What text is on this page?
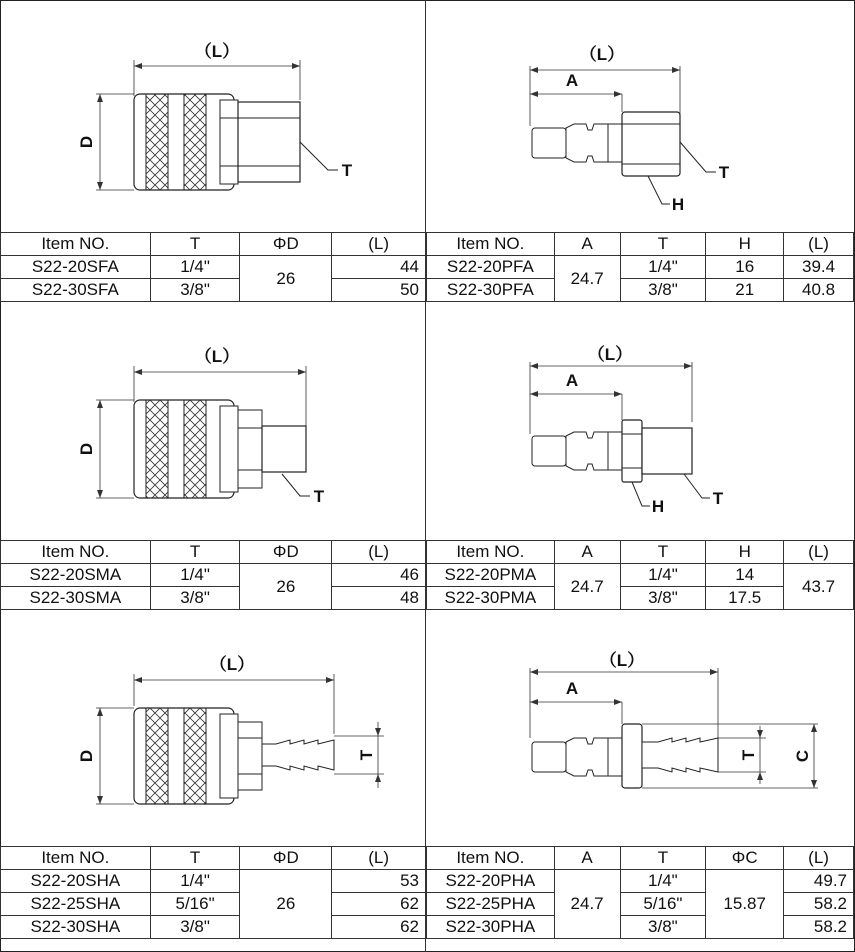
（L）
D
T
（L）
A
T
H
Item NO.	T	ΦD	(L)
S22-20SFA	1/4"	26	44
S22-30SFA	3/8"		50
Item NO.	A	T	H	(L)
S22-20PFA	24.7	1/4"	16	39.4
S22-30PFA		3/8"	21	40.8
（L）
D
T
（L）
A
T
H
Item NO.	T	ΦD	(L)
S22-20SMA	1/4"	26	46
S22-30SMA	3/8"		48
Item NO.	A	T	H	(L)
S22-20PMA	24.7	1/4"	14	43.7
S22-30PMA		3/8"	17.5	
（L）
D	T
（L）
A
T C
Item NO.	T	ΦD	(L)
S22-20SHA	1/4"	26	53
S22-25SHA	5/16"		62
S22-30SHA	3/8"		62
Item NO.	A	T	ΦC	(L)
S22-20PHA	24.7	1/4"	15.87	49.7
S22-25PHA		5/16"		58.2
S22-30PHA		3/8"		58.2
